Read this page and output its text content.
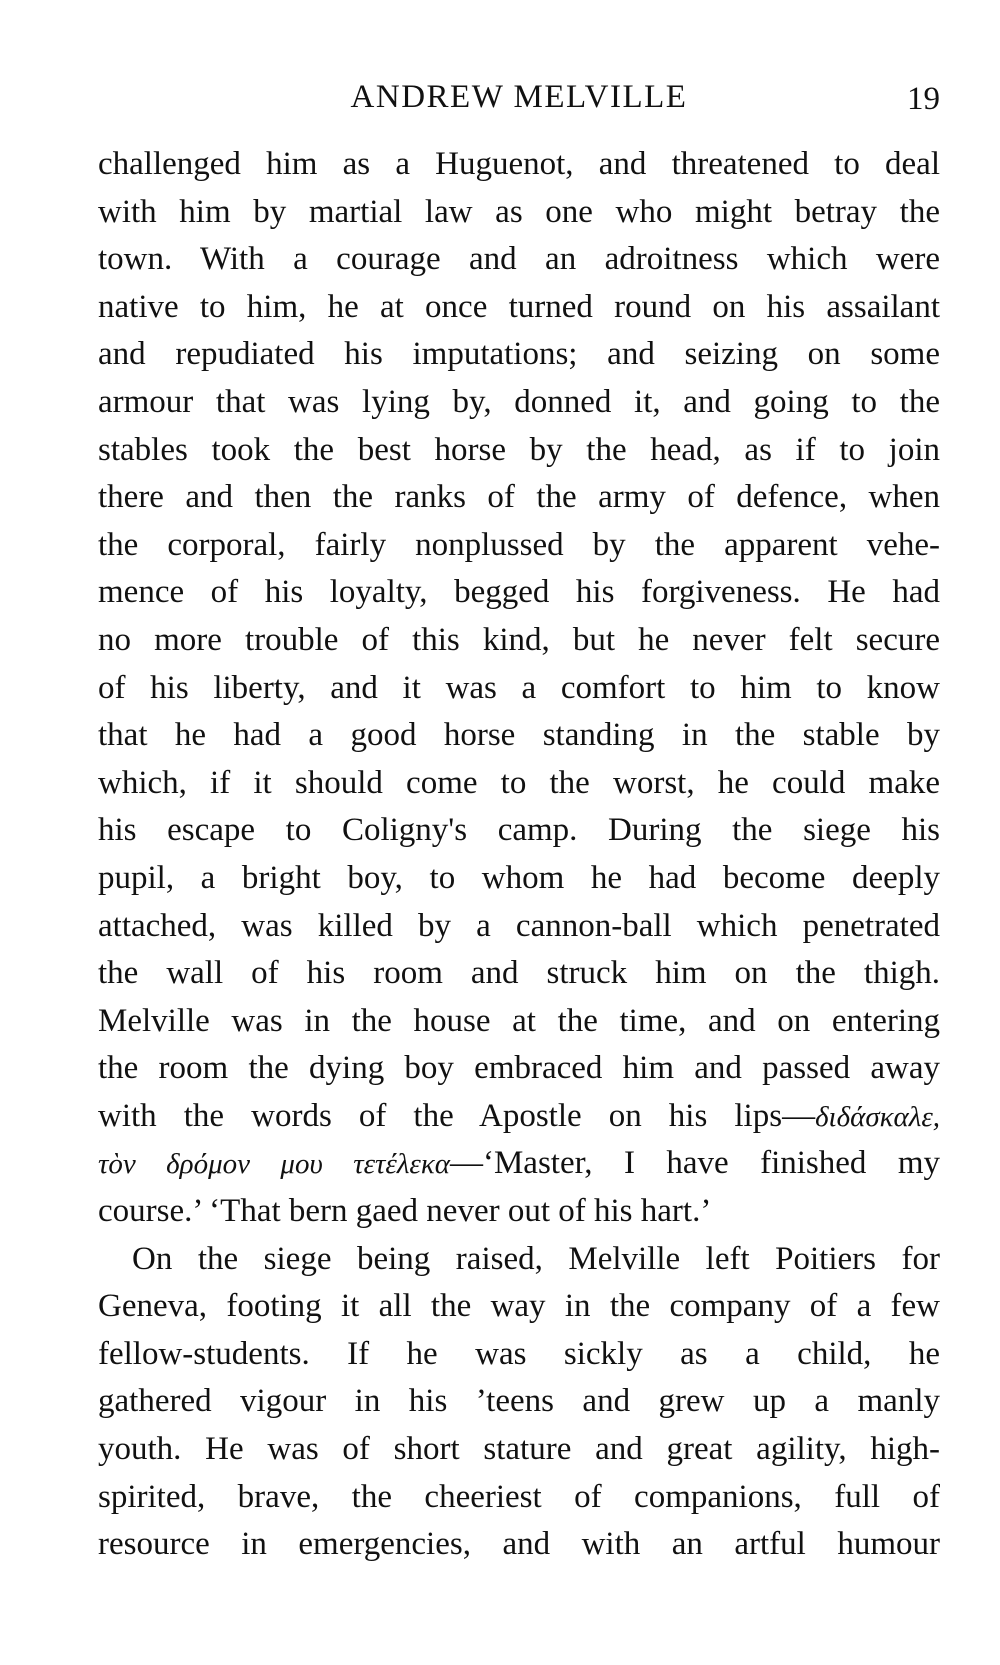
ANDREW MELVILLE	19
challenged him as a Huguenot, and threatened to deal
with him by martial law as one who might betray the
town. With a courage and an adroitness which were
native to him, he at once turned round on his assailant
and repudiated his imputations; and seizing on some
armour that was lying by, donned it, and going to the
stables took the best horse by the head, as if to join
there and then the ranks of the army of defence, when
the corporal, fairly nonplussed by the apparent vehe-
mence of his loyalty, begged his forgiveness. He had
no more trouble of this kind, but he never felt secure
of his liberty, and it was a comfort to him to know
that he had a good horse standing in the stable by
which, if it should come to the worst, he could make
his escape to Coligny's camp. During the siege his
pupil, a bright boy, to whom he had become deeply
attached, was killed by a cannon-ball which penetrated
the wall of his room and struck him on the thigh.
Melville was in the house at the time, and on entering
the room the dying boy embraced him and passed away
with the words of the Apostle on his lips—διδάσκαλε,
τὸν δρόμον μου τετέλεκα—‘Master, I have finished my
course.’ ‘That bern gaed never out of his hart.’
On the siege being raised, Melville left Poitiers for
Geneva, footing it all the way in the company of a few
fellow-students. If he was sickly as a child, he
gathered vigour in his ’teens and grew up a manly
youth. He was of short stature and great agility, high-
spirited, brave, the cheeriest of companions, full of
resource in emergencies, and with an artful humour
